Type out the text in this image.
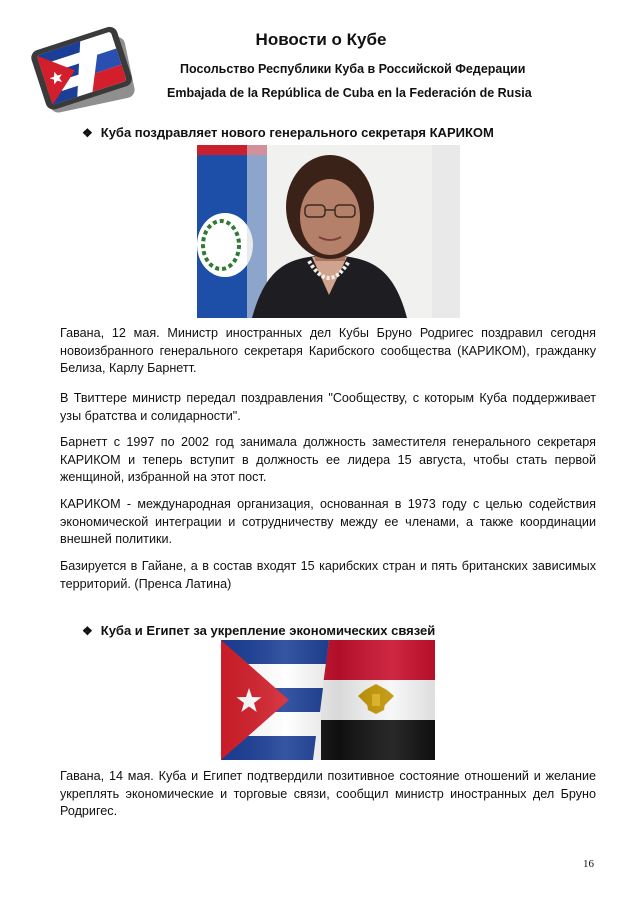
Новости о Кубе
Посольство Республики Куба в Российской Федерации
Embajada de la República de Cuba en la Federación de Rusia
❖ Куба поздравляет нового генерального секретаря КАРИКОМ
Гавана, 12 мая. Министр иностранных дел Кубы Бруно Родригес поздравил сегодня новоизбранного генерального секретаря Карибского сообщества (КАРИКОМ), гражданку Белиза, Карлу Барнетт.
В Твиттере министр передал поздравления "Сообществу, с которым Куба поддерживает узы братства и солидарности".
Барнетт с 1997 по 2002 год занимала должность заместителя генерального секретаря КАРИКОМ и теперь вступит в должность ее лидера 15 августа, чтобы стать первой женщиной, избранной на этот пост.
КАРИКОМ - международная организация, основанная в 1973 году с целью содействия экономической интеграции и сотрудничеству между ее членами, а также координации внешней политики.
Базируется в Гайане, а в состав входят 15 карибских стран и пять британских зависимых территорий. (Пренса Латина)
❖ Куба и Египет за укрепление экономических связей
Гавана, 14 мая. Куба и Египет подтвердили позитивное состояние отношений и желание укреплять экономические и торговые связи, сообщил министр иностранных дел Бруно Родригес.
16
